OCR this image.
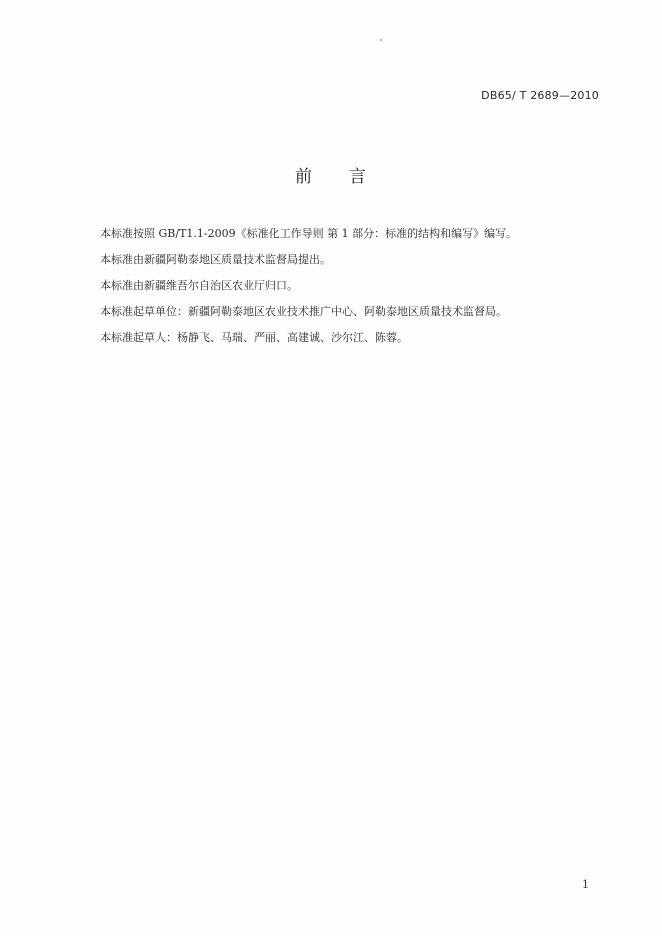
DB65/ T 2689—2010
前　　言

本标准按照 GB/T1.1-2009《标准化工作导则 第 1 部分：标准的结构和编写》编写。

本标准由新疆阿勒泰地区质量技术监督局提出。

本标准由新疆维吾尔自治区农业厅归口。

本标准起草单位：新疆阿勒泰地区农业技术推广中心、阿勒泰地区质量技术监督局。

本标准起草人：杨静飞、马瑞、严丽、高建诚、沙尔江、陈蓉。

1
